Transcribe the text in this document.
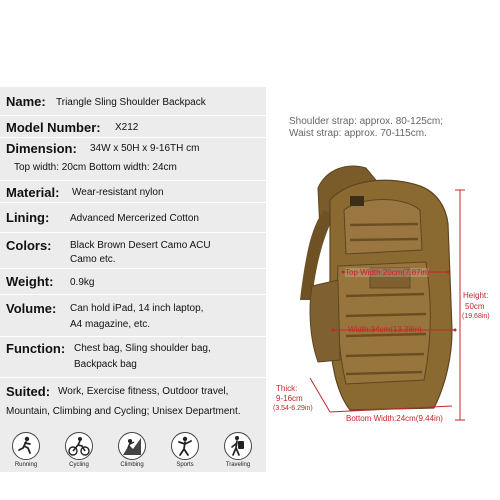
Name: Triangle Sling Shoulder Backpack
Model Number: X212
Dimension: 34W x 50H x 9-16TH cm
Top width: 20cm Bottom width: 24cm
Material: Wear-resistant nylon
Lining: Advanced Mercerized Cotton
Colors: Black Brown Desert Camo ACU
Camo etc.
Weight: 0.9kg
Volume: Can hold iPad, 14 inch laptop,
A4 magazine, etc.
Function: Chest bag, Sling shoulder bag,
Backpack bag
Suited: Work, Exercise fitness, Outdoor travel,
Mountain, Climbing and Cycling; Unisex Department.
Running	Cycling	Climbing	Sports	Traveling
Shoulder strap: approx. 80-125cm;
Waist strap: approx. 70-115cm.
Top Width:20cm(7.87in)
Width:34cm(13.38in)
Height:
50cm
(19.68in)
Thick:
9-16cm
(3.54-6.29in)
Bottom Width:24cm(9.44in)
